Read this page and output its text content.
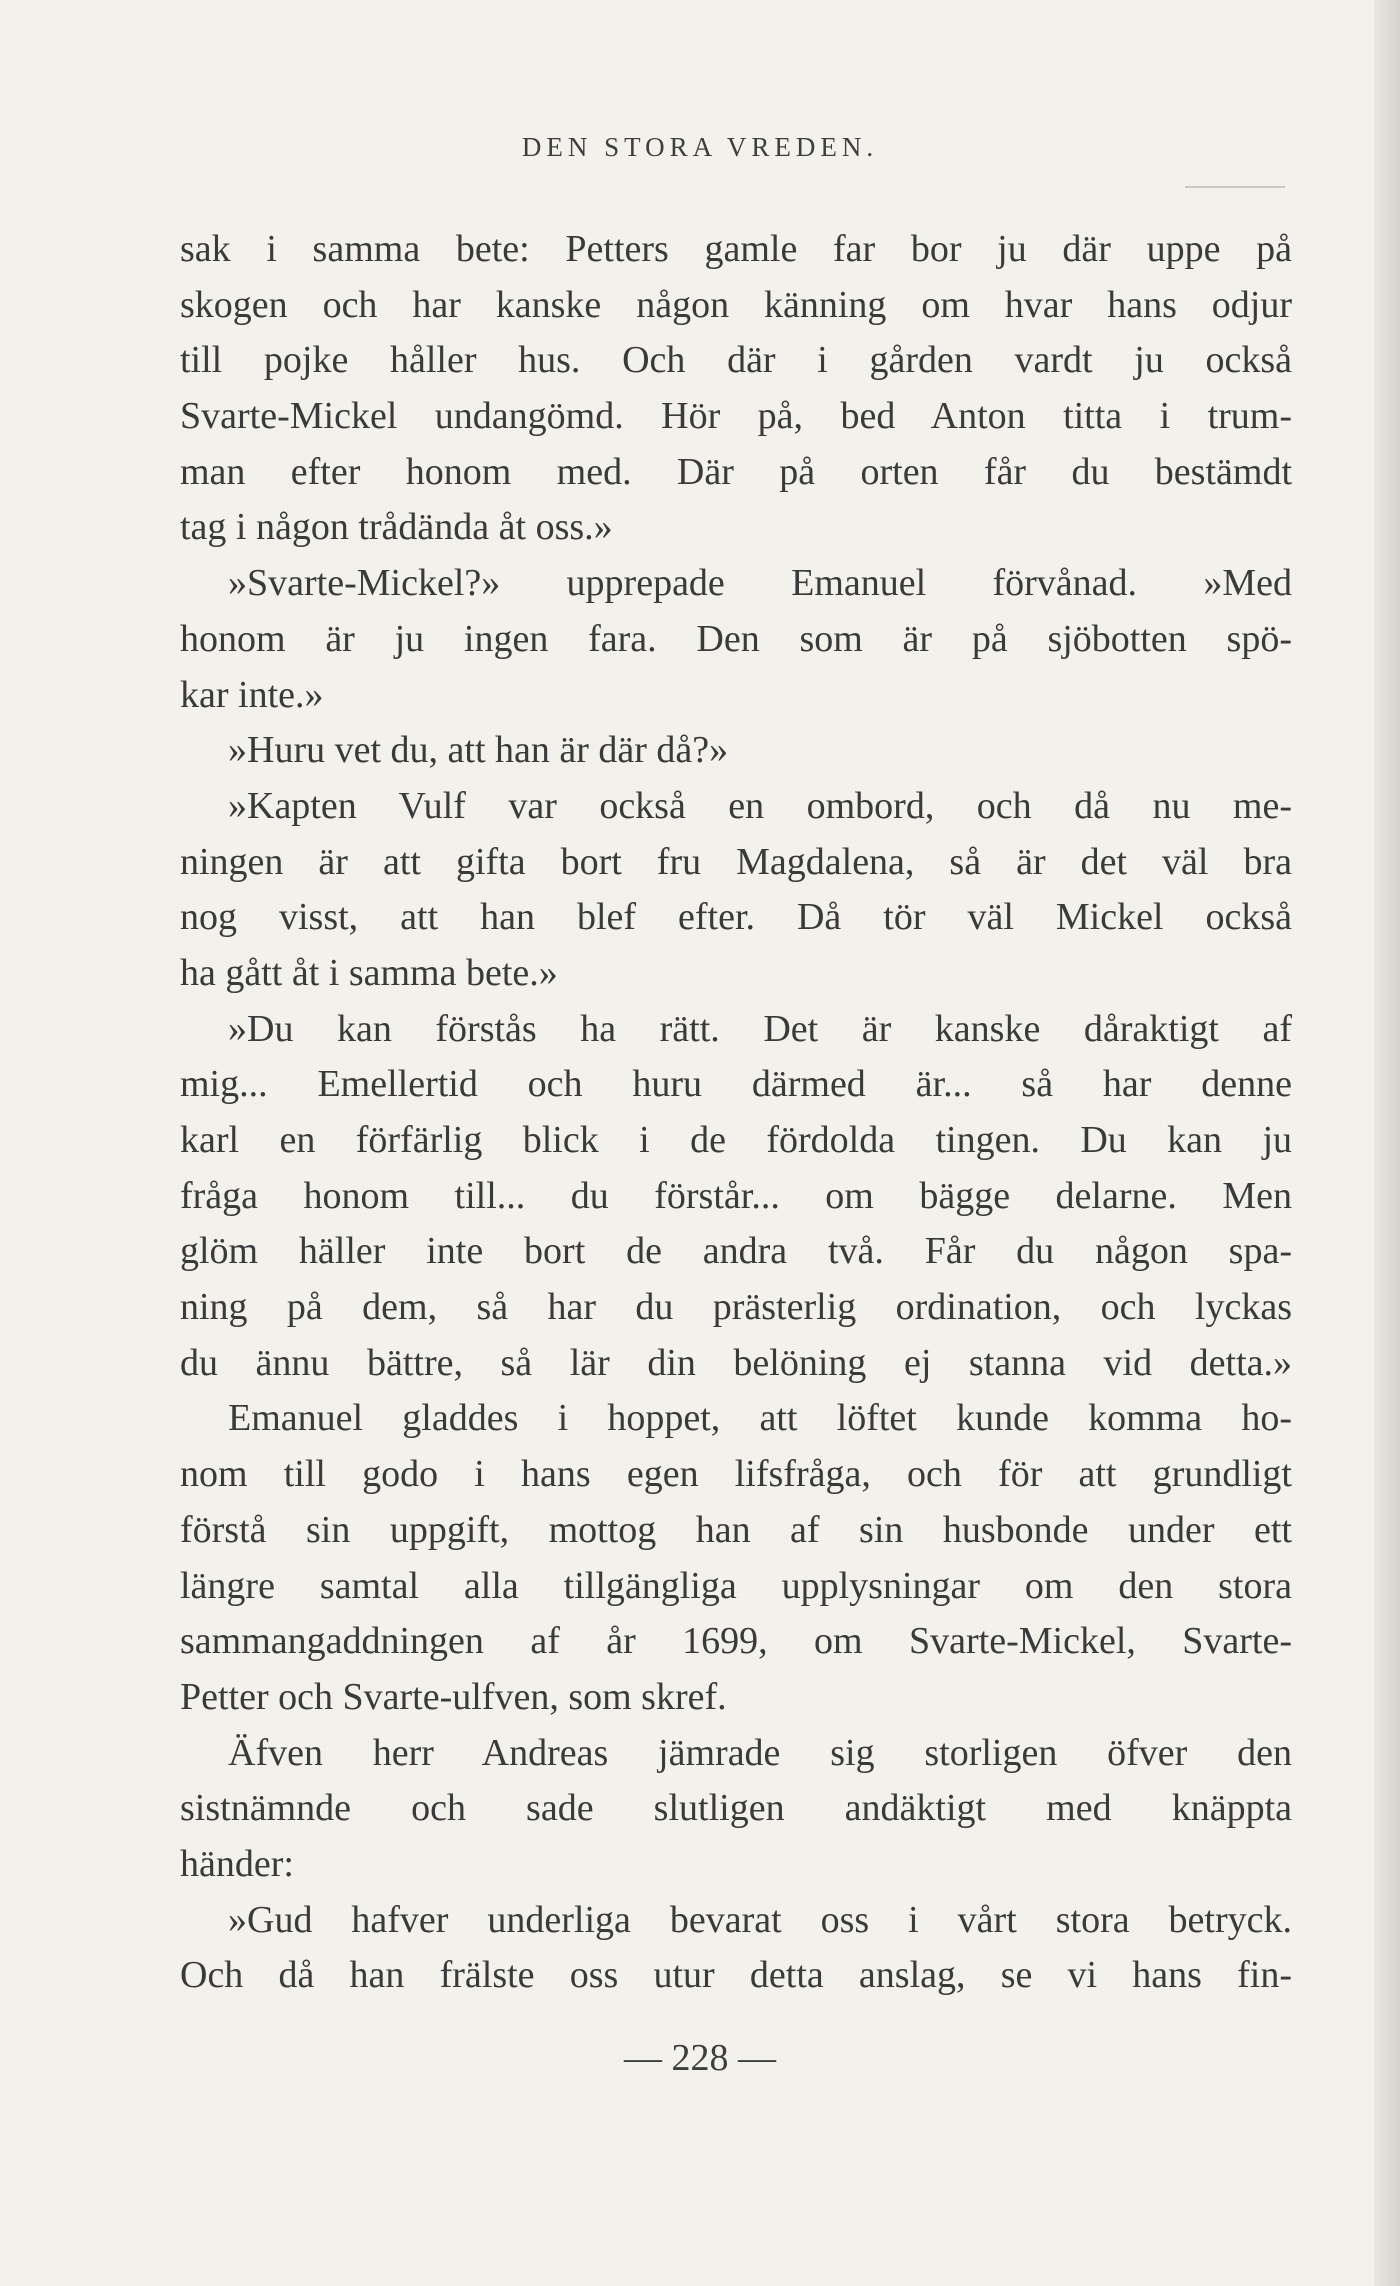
DEN STORA VREDEN.
sak i samma bete: Petters gamle far bor ju där uppe på
skogen och har kanske någon känning om hvar hans odjur
till pojke håller hus. Och där i gården vardt ju också
Svarte-Mickel undangömd. Hör på, bed Anton titta i trum-
man efter honom med. Där på orten får du bestämdt
tag i någon trådända åt oss.»
»Svarte-Mickel?» upprepade Emanuel förvånad. »Med
honom är ju ingen fara. Den som är på sjöbotten spö-
kar inte.»
»Huru vet du, att han är där då?»
»Kapten Vulf var också en ombord, och då nu me-
ningen är att gifta bort fru Magdalena, så är det väl bra
nog visst, att han blef efter. Då tör väl Mickel också
ha gått åt i samma bete.»
»Du kan förstås ha rätt. Det är kanske dåraktigt af
mig... Emellertid och huru därmed är... så har denne
karl en förfärlig blick i de fördolda tingen. Du kan ju
fråga honom till... du förstår... om bägge delarne. Men
glöm häller inte bort de andra två. Får du någon spa-
ning på dem, så har du prästerlig ordination, och lyckas
du ännu bättre, så lär din belöning ej stanna vid detta.»
Emanuel gladdes i hoppet, att löftet kunde komma ho-
nom till godo i hans egen lifsfråga, och för att grundligt
förstå sin uppgift, mottog han af sin husbonde under ett
längre samtal alla tillgängliga upplysningar om den stora
sammangaddningen af år 1699, om Svarte-Mickel, Svarte-
Petter och Svarte-ulfven, som skref.
Äfven herr Andreas jämrade sig storligen öfver den
sistnämnde och sade slutligen andäktigt med knäppta
händer:
»Gud hafver underliga bevarat oss i vårt stora betryck.
Och då han frälste oss utur detta anslag, se vi hans fin-
— 228 —
